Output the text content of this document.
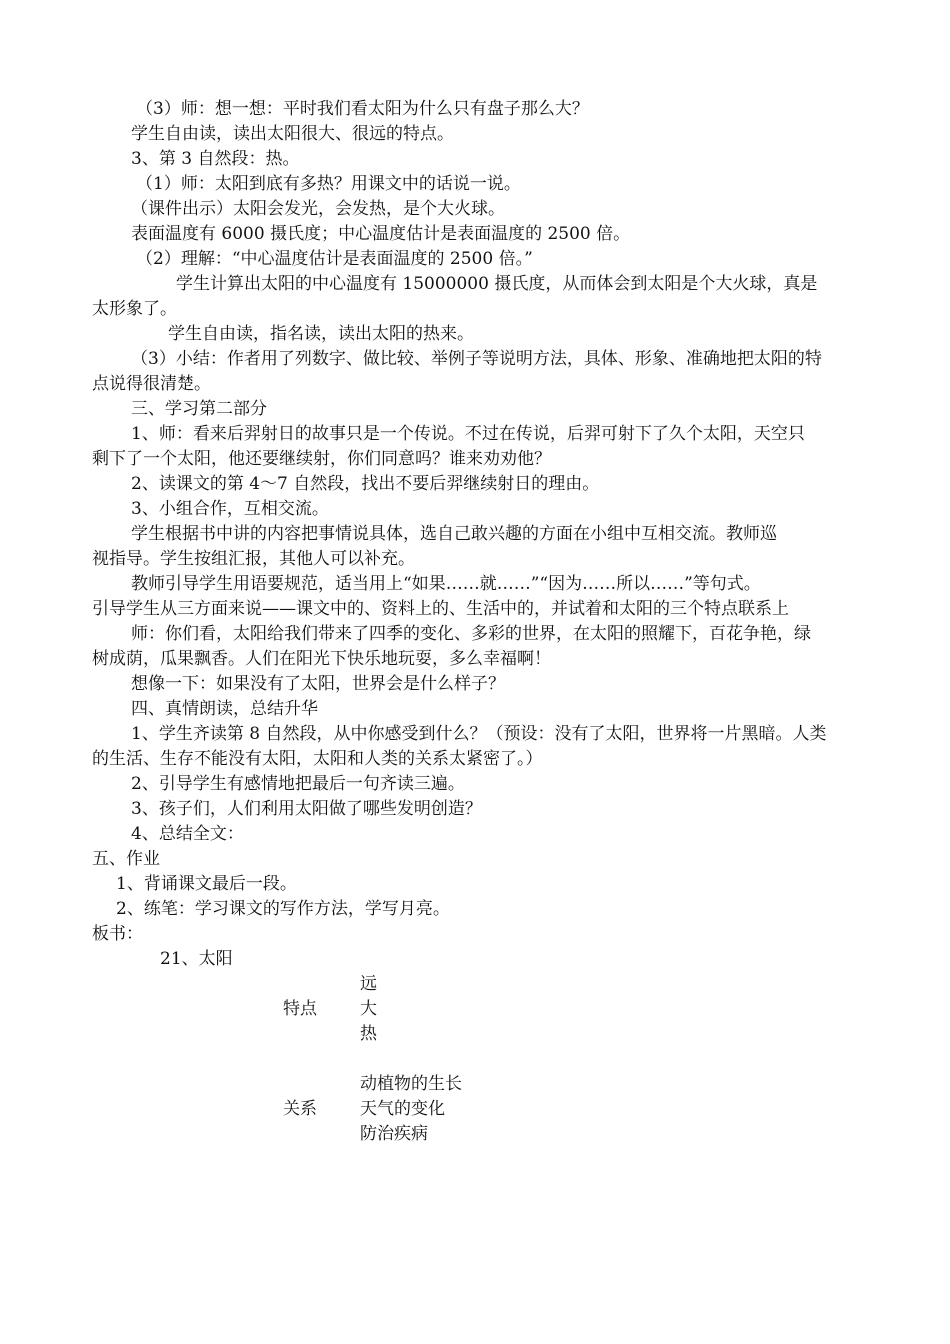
（3）师：想一想：平时我们看太阳为什么只有盘子那么大？
学生自由读，读出太阳很大、很远的特点。
3、第 3 自然段：热。
（1）师：太阳到底有多热？用课文中的话说一说。
（课件出示）太阳会发光，会发热，是个大火球。
表面温度有 6000 摄氏度；中心温度估计是表面温度的 2500 倍。
（2）理解：“中心温度估计是表面温度的 2500 倍。”
学生计算出太阳的中心温度有 15000000 摄氏度，从而体会到太阳是个大火球，真是
太形象了。
学生自由读，指名读，读出太阳的热来。
（3）小结：作者用了列数字、做比较、举例子等说明方法，具体、形象、准确地把太阳的特
点说得很清楚。
三、学习第二部分
1、师：看来后羿射日的故事只是一个传说。不过在传说，后羿可射下了久个太阳，天空只
剩下了一个太阳，他还要继续射，你们同意吗？谁来劝劝他？
2、读课文的第 4～7 自然段，找出不要后羿继续射日的理由。
3、小组合作，互相交流。
学生根据书中讲的内容把事情说具体，选自己敢兴趣的方面在小组中互相交流。教师巡
视指导。学生按组汇报，其他人可以补充。
教师引导学生用语要规范，适当用上“如果……就……”“因为……所以……”等句式。
引导学生从三方面来说——课文中的、资料上的、生活中的，并试着和太阳的三个特点联系上
师：你们看，太阳给我们带来了四季的变化、多彩的世界，在太阳的照耀下，百花争艳，绿
树成荫，瓜果飘香。人们在阳光下快乐地玩耍，多么幸福啊！
想像一下：如果没有了太阳，世界会是什么样子？
四、真情朗读，总结升华
1、学生齐读第 8 自然段，从中你感受到什么？（预设：没有了太阳，世界将一片黑暗。人类
的生活、生存不能没有太阳，太阳和人类的关系太紧密了。）
2、引导学生有感情地把最后一句齐读三遍。
3、孩子们，人们利用太阳做了哪些发明创造？
4、总结全文：
五、作业
1、背诵课文最后一段。
2、练笔：学习课文的写作方法，学写月亮。
板书：
21、太阳
远
特点	大
热
动植物的生长
关系	天气的变化
防治疾病
